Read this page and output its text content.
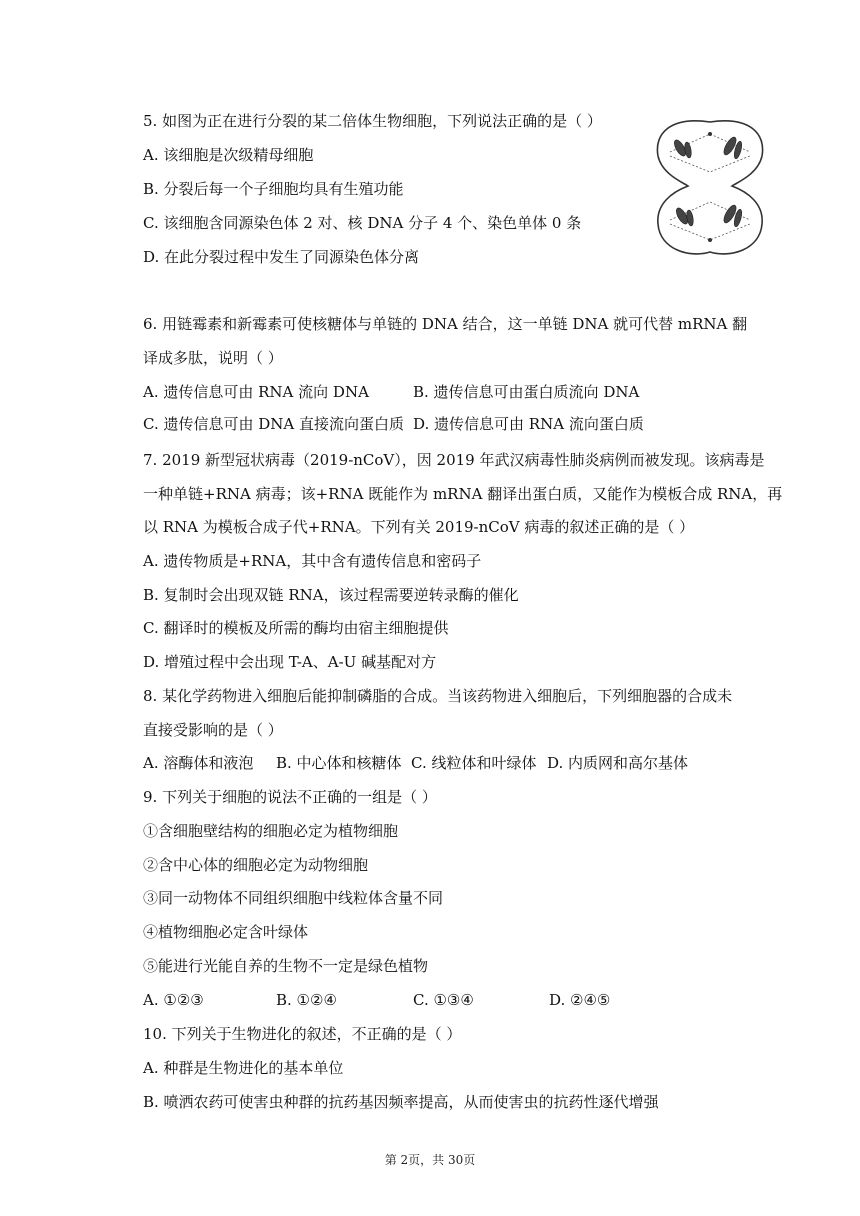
5. 如图为正在进行分裂的某二倍体生物细胞，下列说法正确的是（ ）
A. 该细胞是次级精母细胞
B. 分裂后每一个子细胞均具有生殖功能
C. 该细胞含同源染色体 2 对、核 DNA 分子 4 个、染色单体 0 条
D. 在此分裂过程中发生了同源染色体分离
6. 用链霉素和新霉素可使核糖体与单链的 DNA 结合，这一单链 DNA 就可代替 mRNA 翻
译成多肽，说明（ ）
A. 遗传信息可由 RNA 流向 DNA	B. 遗传信息可由蛋白质流向 DNA
C. 遗传信息可由 DNA 直接流向蛋白质 D. 遗传信息可由 RNA 流向蛋白质
7. 2019 新型冠状病毒（2019-nCoV），因 2019 年武汉病毒性肺炎病例而被发现。该病毒是
一种单链+RNA 病毒；该+RNA 既能作为 mRNA 翻译出蛋白质，又能作为模板合成 RNA，再
以 RNA 为模板合成子代+RNA。下列有关 2019-nCoV 病毒的叙述正确的是（ ）
A. 遗传物质是+RNA，其中含有遗传信息和密码子
B. 复制时会出现双链 RNA，该过程需要逆转录酶的催化
C. 翻译时的模板及所需的酶均由宿主细胞提供
D. 增殖过程中会出现 T-A、A-U 碱基配对方
8. 某化学药物进入细胞后能抑制磷脂的合成。当该药物进入细胞后，下列细胞器的合成未
直接受影响的是（ ）
A. 溶酶体和液泡 B. 中心体和核糖体 C. 线粒体和叶绿体 D. 内质网和高尔基体
9. 下列关于细胞的说法不正确的一组是（ ）
①含细胞壁结构的细胞必定为植物细胞
②含中心体的细胞必定为动物细胞
③同一动物体不同组织细胞中线粒体含量不同
④植物细胞必定含叶绿体
⑤能进行光能自养的生物不一定是绿色植物
A. ①②③	B. ①②④	C. ①③④	D. ②④⑤
10. 下列关于生物进化的叙述，不正确的是（ ）
A. 种群是生物进化的基本单位
B. 喷洒农药可使害虫种群的抗药基因频率提高，从而使害虫的抗药性逐代增强
第 2页，共 30页
